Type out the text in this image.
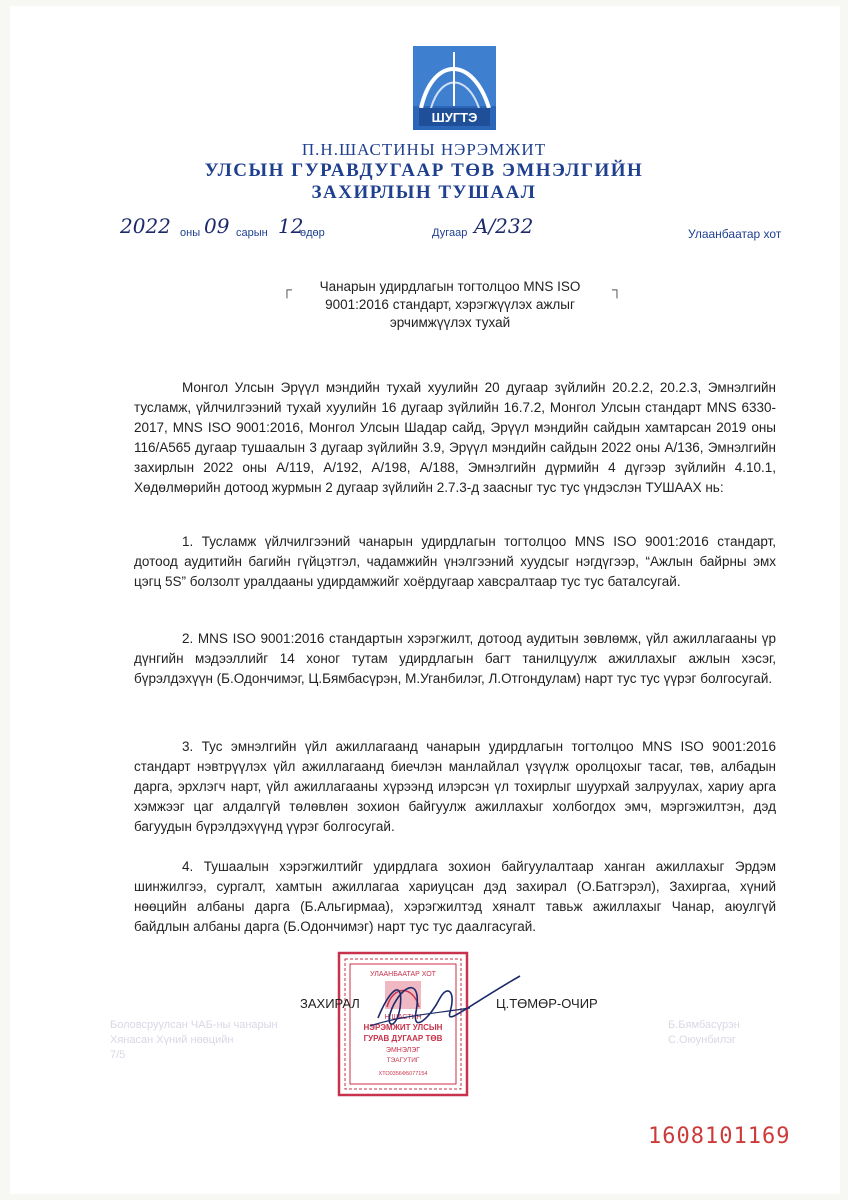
ШУГТЭ
П.Н.ШАСТИНЫ НЭРЭМЖИТ
УЛСЫН ГУРАВДУГААР ТӨВ ЭМНЭЛГИЙН
ЗАХИРЛЫН ТУШААЛ
2022 оны 09 сарын 12
өдөр	Дугаар A/232	Улаанбаатар хот
┌	┐
Чанарын удирдлагын тогтолцоо MNS ISO
9001:2016 стандарт, хэрэгжүүлэх ажлыг
эрчимжүүлэх тухай
Монгол Улсын Эрүүл мэндийн тухай хуулийн 20 дугаар зүйлийн 20.2.2, 20.2.3, Эмнэлгийн тусламж, үйлчилгээний тухай хуулийн 16 дугаар зүйлийн 16.7.2, Монгол Улсын стандарт MNS 6330-2017, MNS ISO 9001:2016, Монгол Улсын Шадар сайд, Эрүүл мэндийн сайдын хамтарсан 2019 оны 116/А565 дугаар тушаалын 3 дугаар зүйлийн 3.9, Эрүүл мэндийн сайдын 2022 оны А/136, Эмнэлгийн захирлын 2022 оны А/119, А/192, А/198, А/188, Эмнэлгийн дүрмийн 4 дүгээр зүйлийн 4.10.1, Хөдөлмөрийн дотоод журмын 2 дугаар зүйлийн 2.7.3-д заасныг тус тус үндэслэн ТУШААХ нь:
1. Тусламж үйлчилгээний чанарын удирдлагын тогтолцоо MNS ISO 9001:2016 стандарт, дотоод аудитийн багийн гүйцэтгэл, чадамжийн үнэлгээний хуудсыг нэгдүгээр, “Ажлын байрны эмх цэгц 5S” болзолт уралдааны удирдамжийг хоёрдугаар хавсралтаар тус тус баталсугай.
2. MNS ISO 9001:2016 стандартын хэрэгжилт, дотоод аудитын зөвлөмж, үйл ажиллагааны үр дүнгийн мэдээллийг 14 хоног тутам удирдлагын багт танилцуулж ажиллахыг ажлын хэсэг, бүрэлдэхүүн (Б.Одончимэг, Ц.Бямбасүрэн, М.Уганбилэг, Л.Отгондулам) нарт тус тус үүрэг болгосугай.
3. Тус эмнэлгийн үйл ажиллагаанд чанарын удирдлагын тогтолцоо MNS ISO 9001:2016 стандарт нэвтрүүлэх үйл ажиллагаанд биечлэн манлайлал үзүүлж оролцохыг тасаг, төв, албадын дарга, эрхлэгч нарт, үйл ажиллагааны хүрээнд илэрсэн үл тохирлыг шуурхай залруулах, хариу арга хэмжээг цаг алдалгүй төлөвлөн зохион байгуулж ажиллахыг холбогдох эмч, мэргэжилтэн, дэд багуудын бүрэлдэхүүнд үүрэг болгосугай.
4. Тушаалын хэрэгжилтийг удирдлага зохион байгуулалтаар ханган ажиллахыг Эрдэм шинжилгээ, сургалт, хамтын ажиллагаа хариуцсан дэд захирал (О.Батгэрэл), Захиргаа, хүний нөөцийн албаны дарга (Б.Альгирмаа), хэрэгжилтэд хяналт тавьж ажиллахыг Чанар, аюулгүй байдлын албаны дарга (Б.Одончимэг) нарт тус тус даалгасугай.
Боловсруулсан ЧАБ-ны чанарын
Хянасан Хүний нөөцийн
7/5
Б.Бямбасүрэн
С.Оюунбилэг
УЛААНБААТАР ХОТ
Н.ШАСТИН
НЭРЭМЖИТ УЛСЫН
ГУРАВ ДУГААР ТӨВ
ЭМНЭЛЭГ
ТЭАГУТИГ
ХТО0356Ф5077154
ЗАХИРАЛ	Ц.ТӨМӨР-ОЧИР
1608101169
